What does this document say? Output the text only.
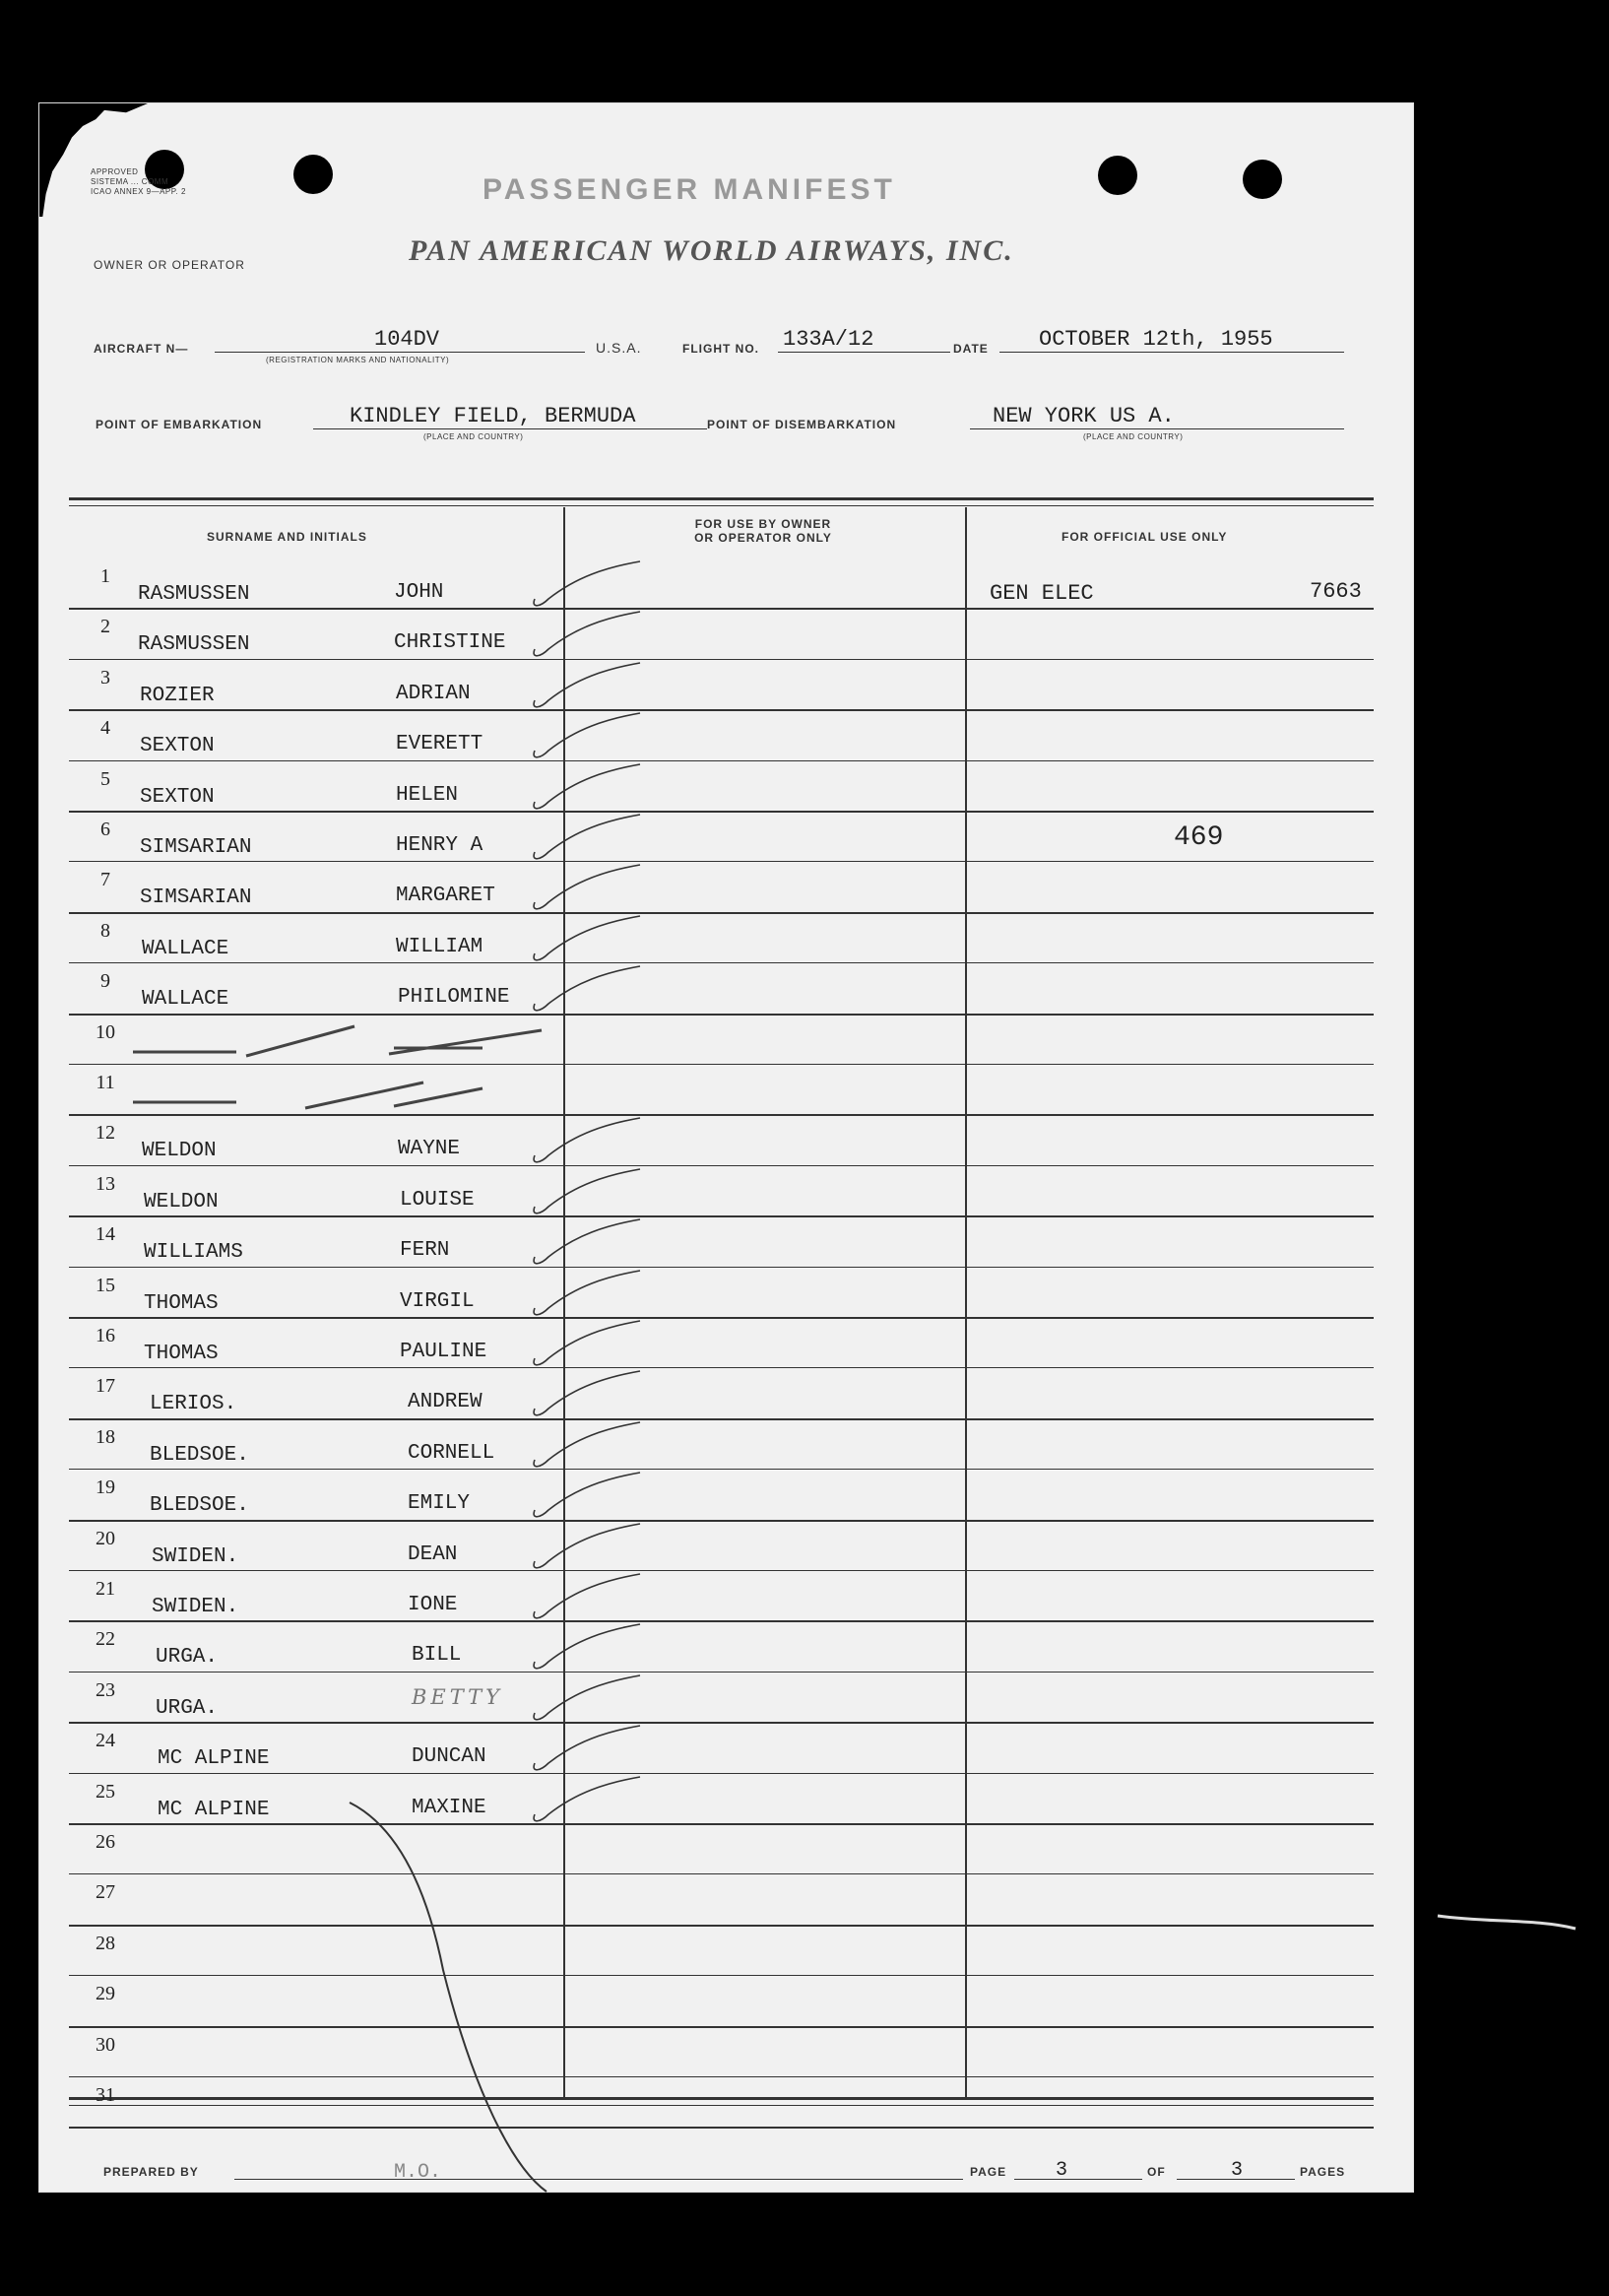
APPROVED
SISTEMA ... COMM
ICAO ANNEX 9—APP. 2	PASSENGER MANIFEST
PAN AMERICAN WORLD AIRWAYS, INC.
OWNER OR OPERATOR
AIRCRAFT N—	104DV
(REGISTRATION MARKS AND NATIONALITY)
U.S.A.	FLIGHT NO. 133A/12	DATE OCTOBER 12th, 1955
POINT OF EMBARKATION	KINDLEY FIELD, BERMUDA
(PLACE AND COUNTRY)
POINT OF DISEMBARKATION	NEW YORK US A.
(PLACE AND COUNTRY)
SURNAME AND INITIALS
FOR USE BY OWNER
OR OPERATOR ONLY	FOR OFFICIAL USE ONLY
1
RASMUSSEN	JOHN	GEN ELEC	7663
2
RASMUSSEN	CHRISTINE
3
ROZIER	ADRIAN
4
SEXTON	EVERETT
5
SEXTON	HELEN
6
SIMSARIAN	HENRY A	469
7
SIMSARIAN	MARGARET
8
WALLACE	WILLIAM
9
WALLACE	PHILOMINE
10
11
12
WELDON	WAYNE
13
WELDON	LOUISE
14
WILLIAMS	FERN
15
THOMAS	VIRGIL
16
THOMAS	PAULINE
17
LERIOS.	ANDREW
18
BLEDSOE.	CORNELL
19
BLEDSOE.	EMILY
20
SWIDEN.	DEAN
21
SWIDEN.	IONE
22
URGA.	BILL
23
URGA.	BETTY
24
MC ALPINE	DUNCAN
25
MC ALPINE	MAXINE
26
27
28
29
30
31
PREPARED BY	M.O.	PAGE 3	OF	3	PAGES
